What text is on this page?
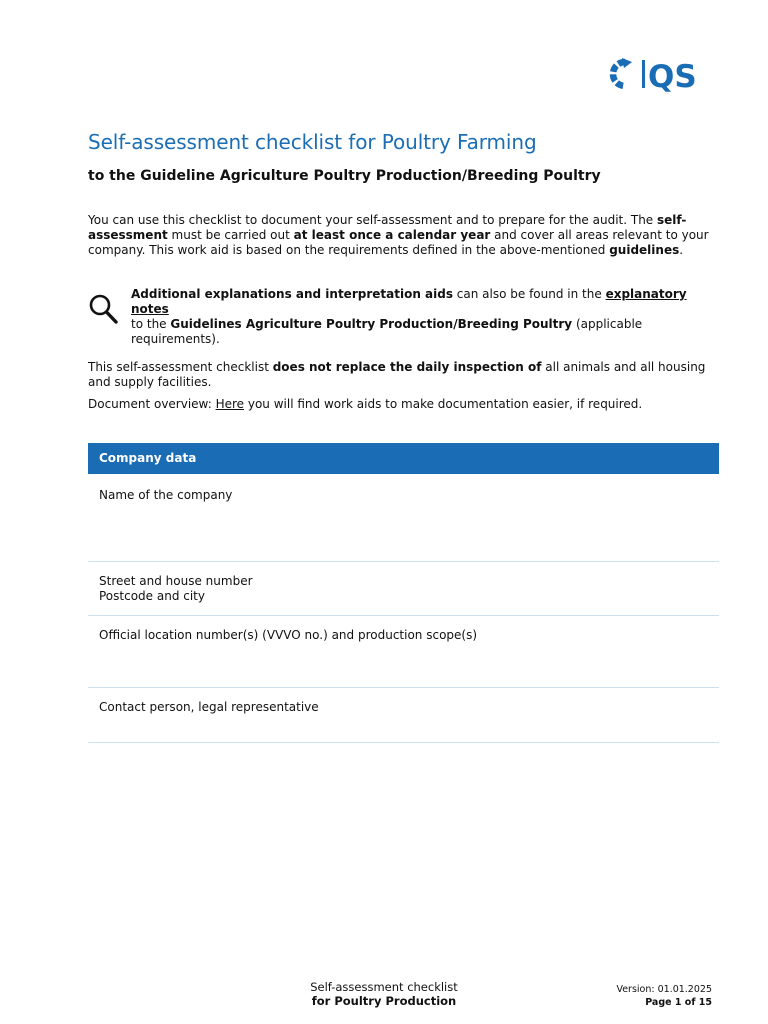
QS
Self-assessment checklist for Poultry Farming
to the Guideline Agriculture Poultry Production/Breeding Poultry

You can use this checklist to document your self-assessment and to prepare for the audit. The self-assessment must be carried out at least once a calendar year and cover all areas relevant to your company. This work aid is based on the requirements defined in the above-mentioned guidelines.

Additional explanations and interpretation aids can also be found in the explanatory notes
to the Guidelines Agriculture Poultry Production/Breeding Poultry (applicable requirements).

This self-assessment checklist does not replace the daily inspection of all animals and all housing and supply facilities.

Document overview: Here you will find work aids to make documentation easier, if required.

Company data
Name of the company
Street and house number
Postcode and city
Official location number(s) (VVVO no.) and production scope(s)
Contact person, legal representative
Self-assessment checklist
for Poultry Production
Version: 01.01.2025
Page 1 of 15
